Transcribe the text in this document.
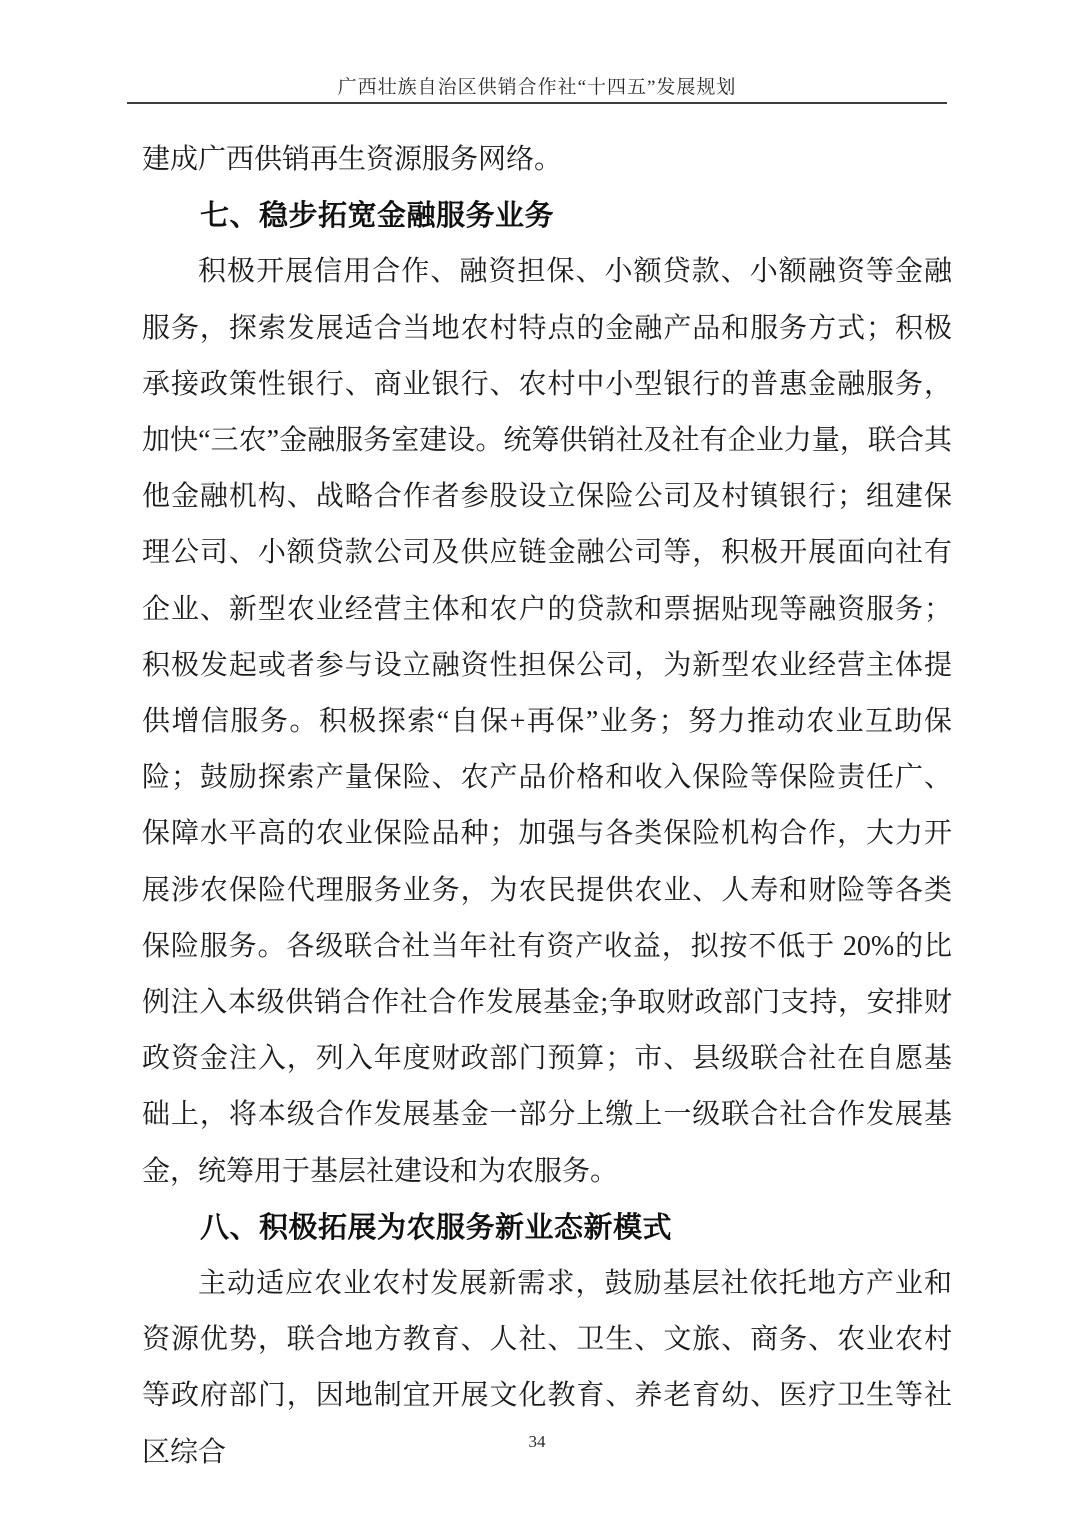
广西壮族自治区供销合作社“十四五”发展规划

建成广西供销再生资源服务网络。

七、稳步拓宽金融服务业务

积极开展信用合作、融资担保、小额贷款、小额融资等金融服务，探索发展适合当地农村特点的金融产品和服务方式；积极承接政策性银行、商业银行、农村中小型银行的普惠金融服务，加快“三农”金融服务室建设。统筹供销社及社有企业力量，联合其他金融机构、战略合作者参股设立保险公司及村镇银行；组建保理公司、小额贷款公司及供应链金融公司等，积极开展面向社有企业、新型农业经营主体和农户的贷款和票据贴现等融资服务；积极发起或者参与设立融资性担保公司，为新型农业经营主体提供增信服务。积极探索“自保+再保”业务；努力推动农业互助保险；鼓励探索产量保险、农产品价格和收入保险等保险责任广、保障水平高的农业保险品种；加强与各类保险机构合作，大力开展涉农保险代理服务业务，为农民提供农业、人寿和财险等各类保险服务。各级联合社当年社有资产收益，拟按不低于 20%的比例注入本级供销合作社合作发展基金;争取财政部门支持，安排财政资金注入，列入年度财政部门预算；市、县级联合社在自愿基础上，将本级合作发展基金一部分上缴上一级联合社合作发展基金，统筹用于基层社建设和为农服务。

八、积极拓展为农服务新业态新模式

主动适应农业农村发展新需求，鼓励基层社依托地方产业和资源优势，联合地方教育、人社、卫生、文旅、商务、农业农村等政府部门，因地制宜开展文化教育、养老育幼、医疗卫生等社区综合	34
